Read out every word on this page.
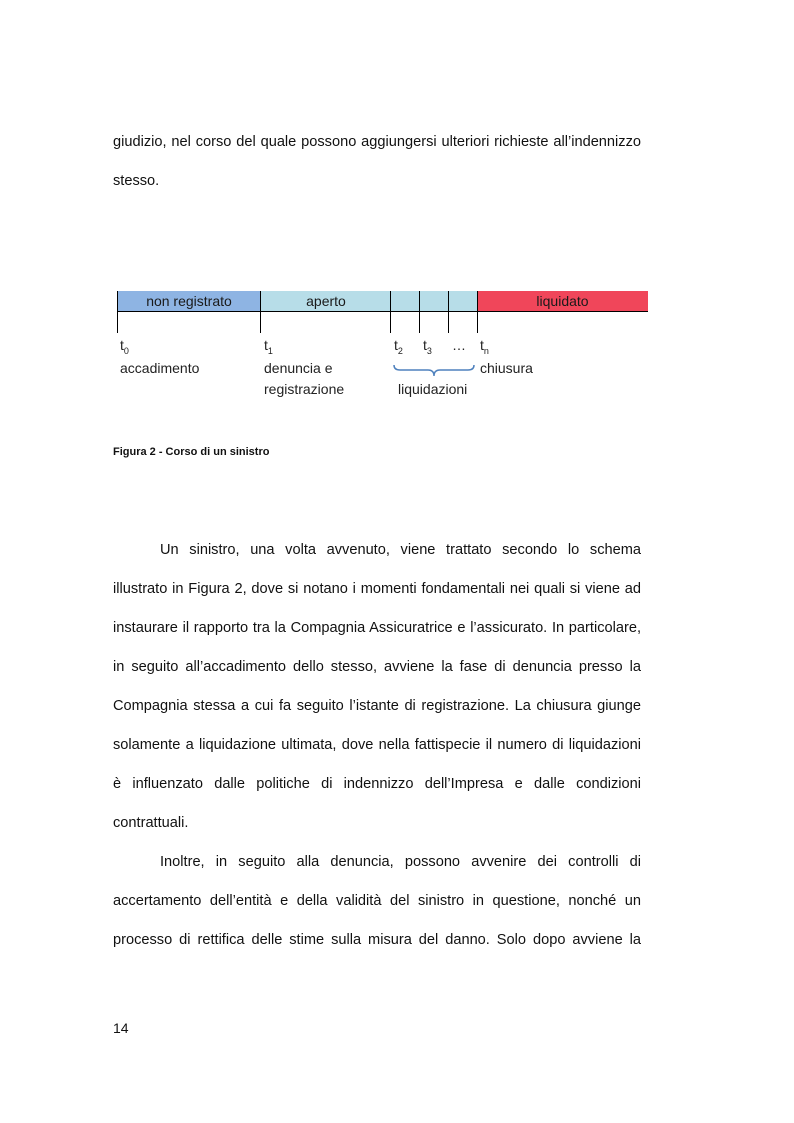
giudizio, nel corso del quale possono aggiungersi ulteriori richieste all’indennizzo
stesso.
non registrato	aperto	liquidato
$t_0$	$t_1$	$t_2$ $t_3$ … $t_n$
accadimento	denuncia e
registrazione
chiusura
liquidazioni
Figura 2 - Corso di un sinistro
Un sinistro, una volta avvenuto, viene trattato secondo lo schema
illustrato in Figura 2, dove si notano i momenti fondamentali nei quali si viene ad
instaurare il rapporto tra la Compagnia Assicuratrice e l’assicurato. In particolare,
in seguito all’accadimento dello stesso, avviene la fase di denuncia presso la
Compagnia stessa a cui fa seguito l’istante di registrazione. La chiusura giunge
solamente a liquidazione ultimata, dove nella fattispecie il numero di liquidazioni
è influenzato dalle politiche di indennizzo dell’Impresa e dalle condizioni
contrattuali.
Inoltre, in seguito alla denuncia, possono avvenire dei controlli di
accertamento dell’entità e della validità del sinistro in questione, nonché un
processo di rettifica delle stime sulla misura del danno. Solo dopo avviene la
14
